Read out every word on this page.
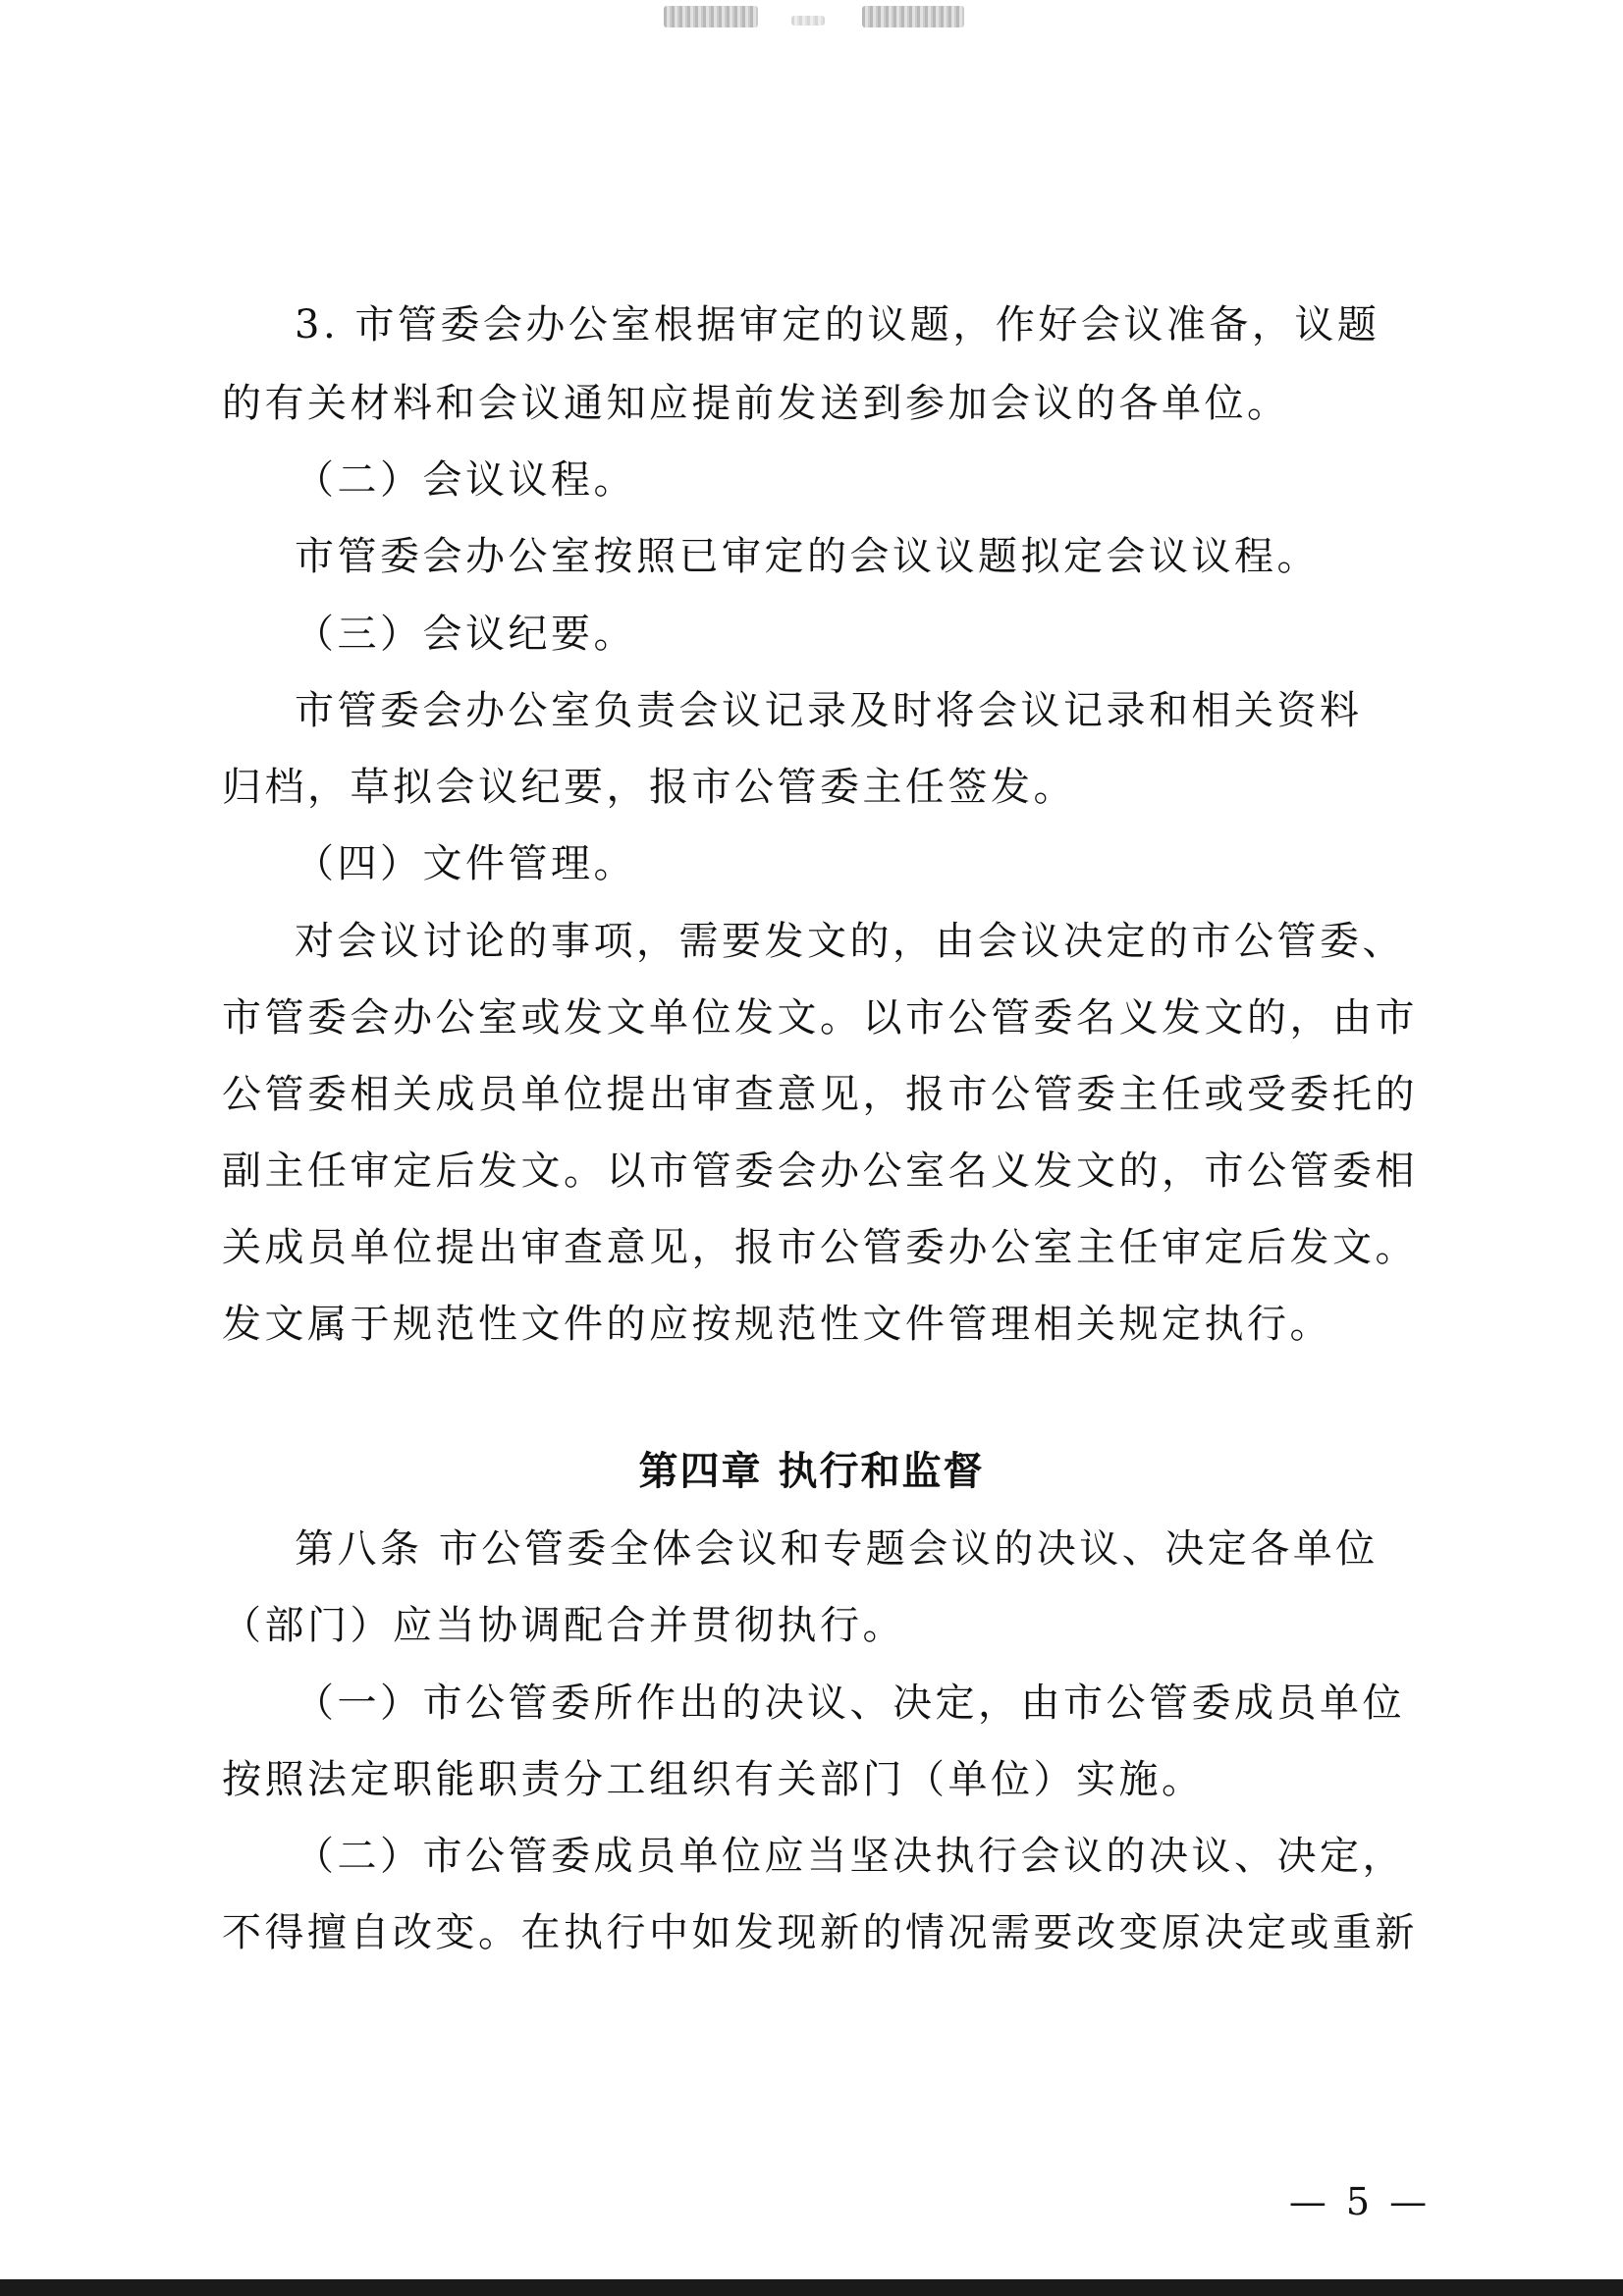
3. 市管委会办公室根据审定的议题，作好会议准备，议题
的有关材料和会议通知应提前发送到参加会议的各单位。
（二）会议议程。
市管委会办公室按照已审定的会议议题拟定会议议程。
（三）会议纪要。
市管委会办公室负责会议记录及时将会议记录和相关资料
归档，草拟会议纪要，报市公管委主任签发。
（四）文件管理。
对会议讨论的事项，需要发文的，由会议决定的市公管委、
市管委会办公室或发文单位发文。以市公管委名义发文的，由市
公管委相关成员单位提出审查意见，报市公管委主任或受委托的
副主任审定后发文。以市管委会办公室名义发文的，市公管委相
关成员单位提出审查意见，报市公管委办公室主任审定后发文。
发文属于规范性文件的应按规范性文件管理相关规定执行。
第四章 执行和监督
第八条 市公管委全体会议和专题会议的决议、决定各单位
（部门）应当协调配合并贯彻执行。
（一）市公管委所作出的决议、决定，由市公管委成员单位
按照法定职能职责分工组织有关部门（单位）实施。
（二）市公管委成员单位应当坚决执行会议的决议、决定，
不得擅自改变。在执行中如发现新的情况需要改变原决定或重新
— 5 —
